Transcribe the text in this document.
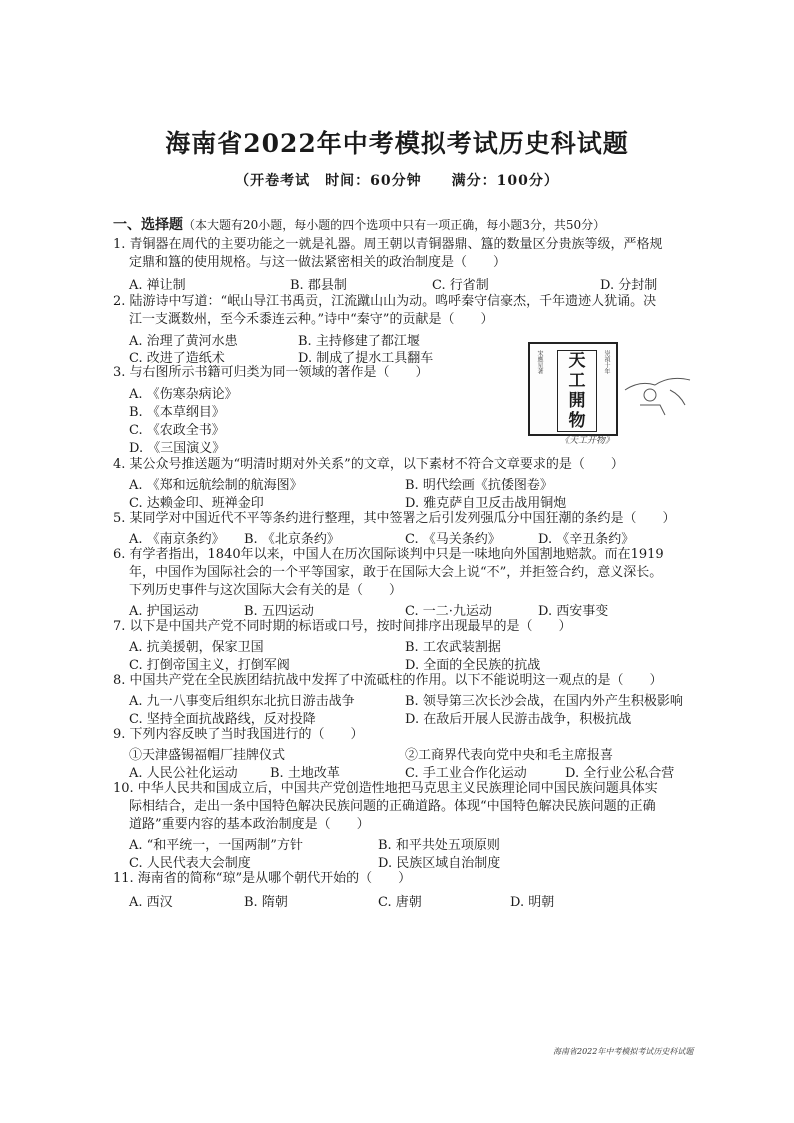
海南省2022年中考模拟考试历史科试题
（开卷考试　时间：60分钟　　满分：100分）
一、选择题（本大题有20小题，每小题的四个选项中只有一项正确，每小题3分，共50分）
1. 青铜器在周代的主要功能之一就是礼器。周王朝以青铜器鼎、簋的数量区分贵族等级，严格规
定鼎和簋的使用规格。与这一做法紧密相关的政治制度是（　　）
A. 禅让制	B. 郡县制	C. 行省制	D. 分封制
2. 陆游诗中写道：“岷山导江书禹贡，江流蹴山山为动。鸣呼秦守信豪杰，千年遗迹人犹诵。决
江一支溉数州，至今禾黍连云种。”诗中“秦守”的贡献是（　　）
A. 治理了黄河水患	B. 主持修建了都江堰
C. 改进了造纸术	D. 制成了提水工具翻车
3. 与右图所示书籍可归类为同一领域的著作是（　　）
A. 《伤寒杂病论》
B. 《本草纲目》
C. 《农政全书》
D. 《三国演义》
宋應星著	崇禎十年
天
工
開
物
《天工开物》
4. 某公众号推送题为“明清时期对外关系”的文章，以下素材不符合文章要求的是（　　）
A. 《郑和远航绘制的航海图》	B. 明代绘画《抗倭图卷》
C. 达赖金印、班禅金印	D. 雅克萨自卫反击战用铜炮
5. 某同学对中国近代不平等条约进行整理，其中签署之后引发列强瓜分中国狂潮的条约是（　　）
A. 《南京条约》 B. 《北京条约》	C. 《马关条约》	D. 《辛丑条约》
6. 有学者指出，1840年以来，中国人在历次国际谈判中只是一味地向外国割地赔款。而在1919
年，中国作为国际社会的一个平等国家，敢于在国际大会上说“不”，并拒签合约，意义深长。
下列历史事件与这次国际大会有关的是（　　）
A. 护国运动	B. 五四运动	C. 一二·九运动	D. 西安事变
7. 以下是中国共产党不同时期的标语或口号，按时间排序出现最早的是（　　）
A. 抗美援朝，保家卫国	B. 工农武装割据
C. 打倒帝国主义，打倒军阀	D. 全面的全民族的抗战
8. 中国共产党在全民族团结抗战中发挥了中流砥柱的作用。以下不能说明这一观点的是（　　）
A. 九一八事变后组织东北抗日游击战争	B. 领导第三次长沙会战，在国内外产生积极影响
C. 坚持全面抗战路线，反对投降	D. 在敌后开展人民游击战争，积极抗战
9. 下列内容反映了当时我国进行的（　　）
①天津盛锡福帽厂挂牌仪式	②工商界代表向党中央和毛主席报喜
A. 人民公社化运动 B. 土地改革	C. 手工业合作化运动	D. 全行业公私合营
10. 中华人民共和国成立后，中国共产党创造性地把马克思主义民族理论同中国民族问题具体实
际相结合，走出一条中国特色解决民族问题的正确道路。体现“中国特色解决民族问题的正确
道路”重要内容的基本政治制度是（　　）
A. “和平统一，一国两制”方针	B. 和平共处五项原则
C. 人民代表大会制度	D. 民族区域自治制度
11. 海南省的简称“琼”是从哪个朝代开始的（　　）
A. 西汉	B. 隋朝	C. 唐朝	D. 明朝
海南省2022年中考模拟考试历史科试题
